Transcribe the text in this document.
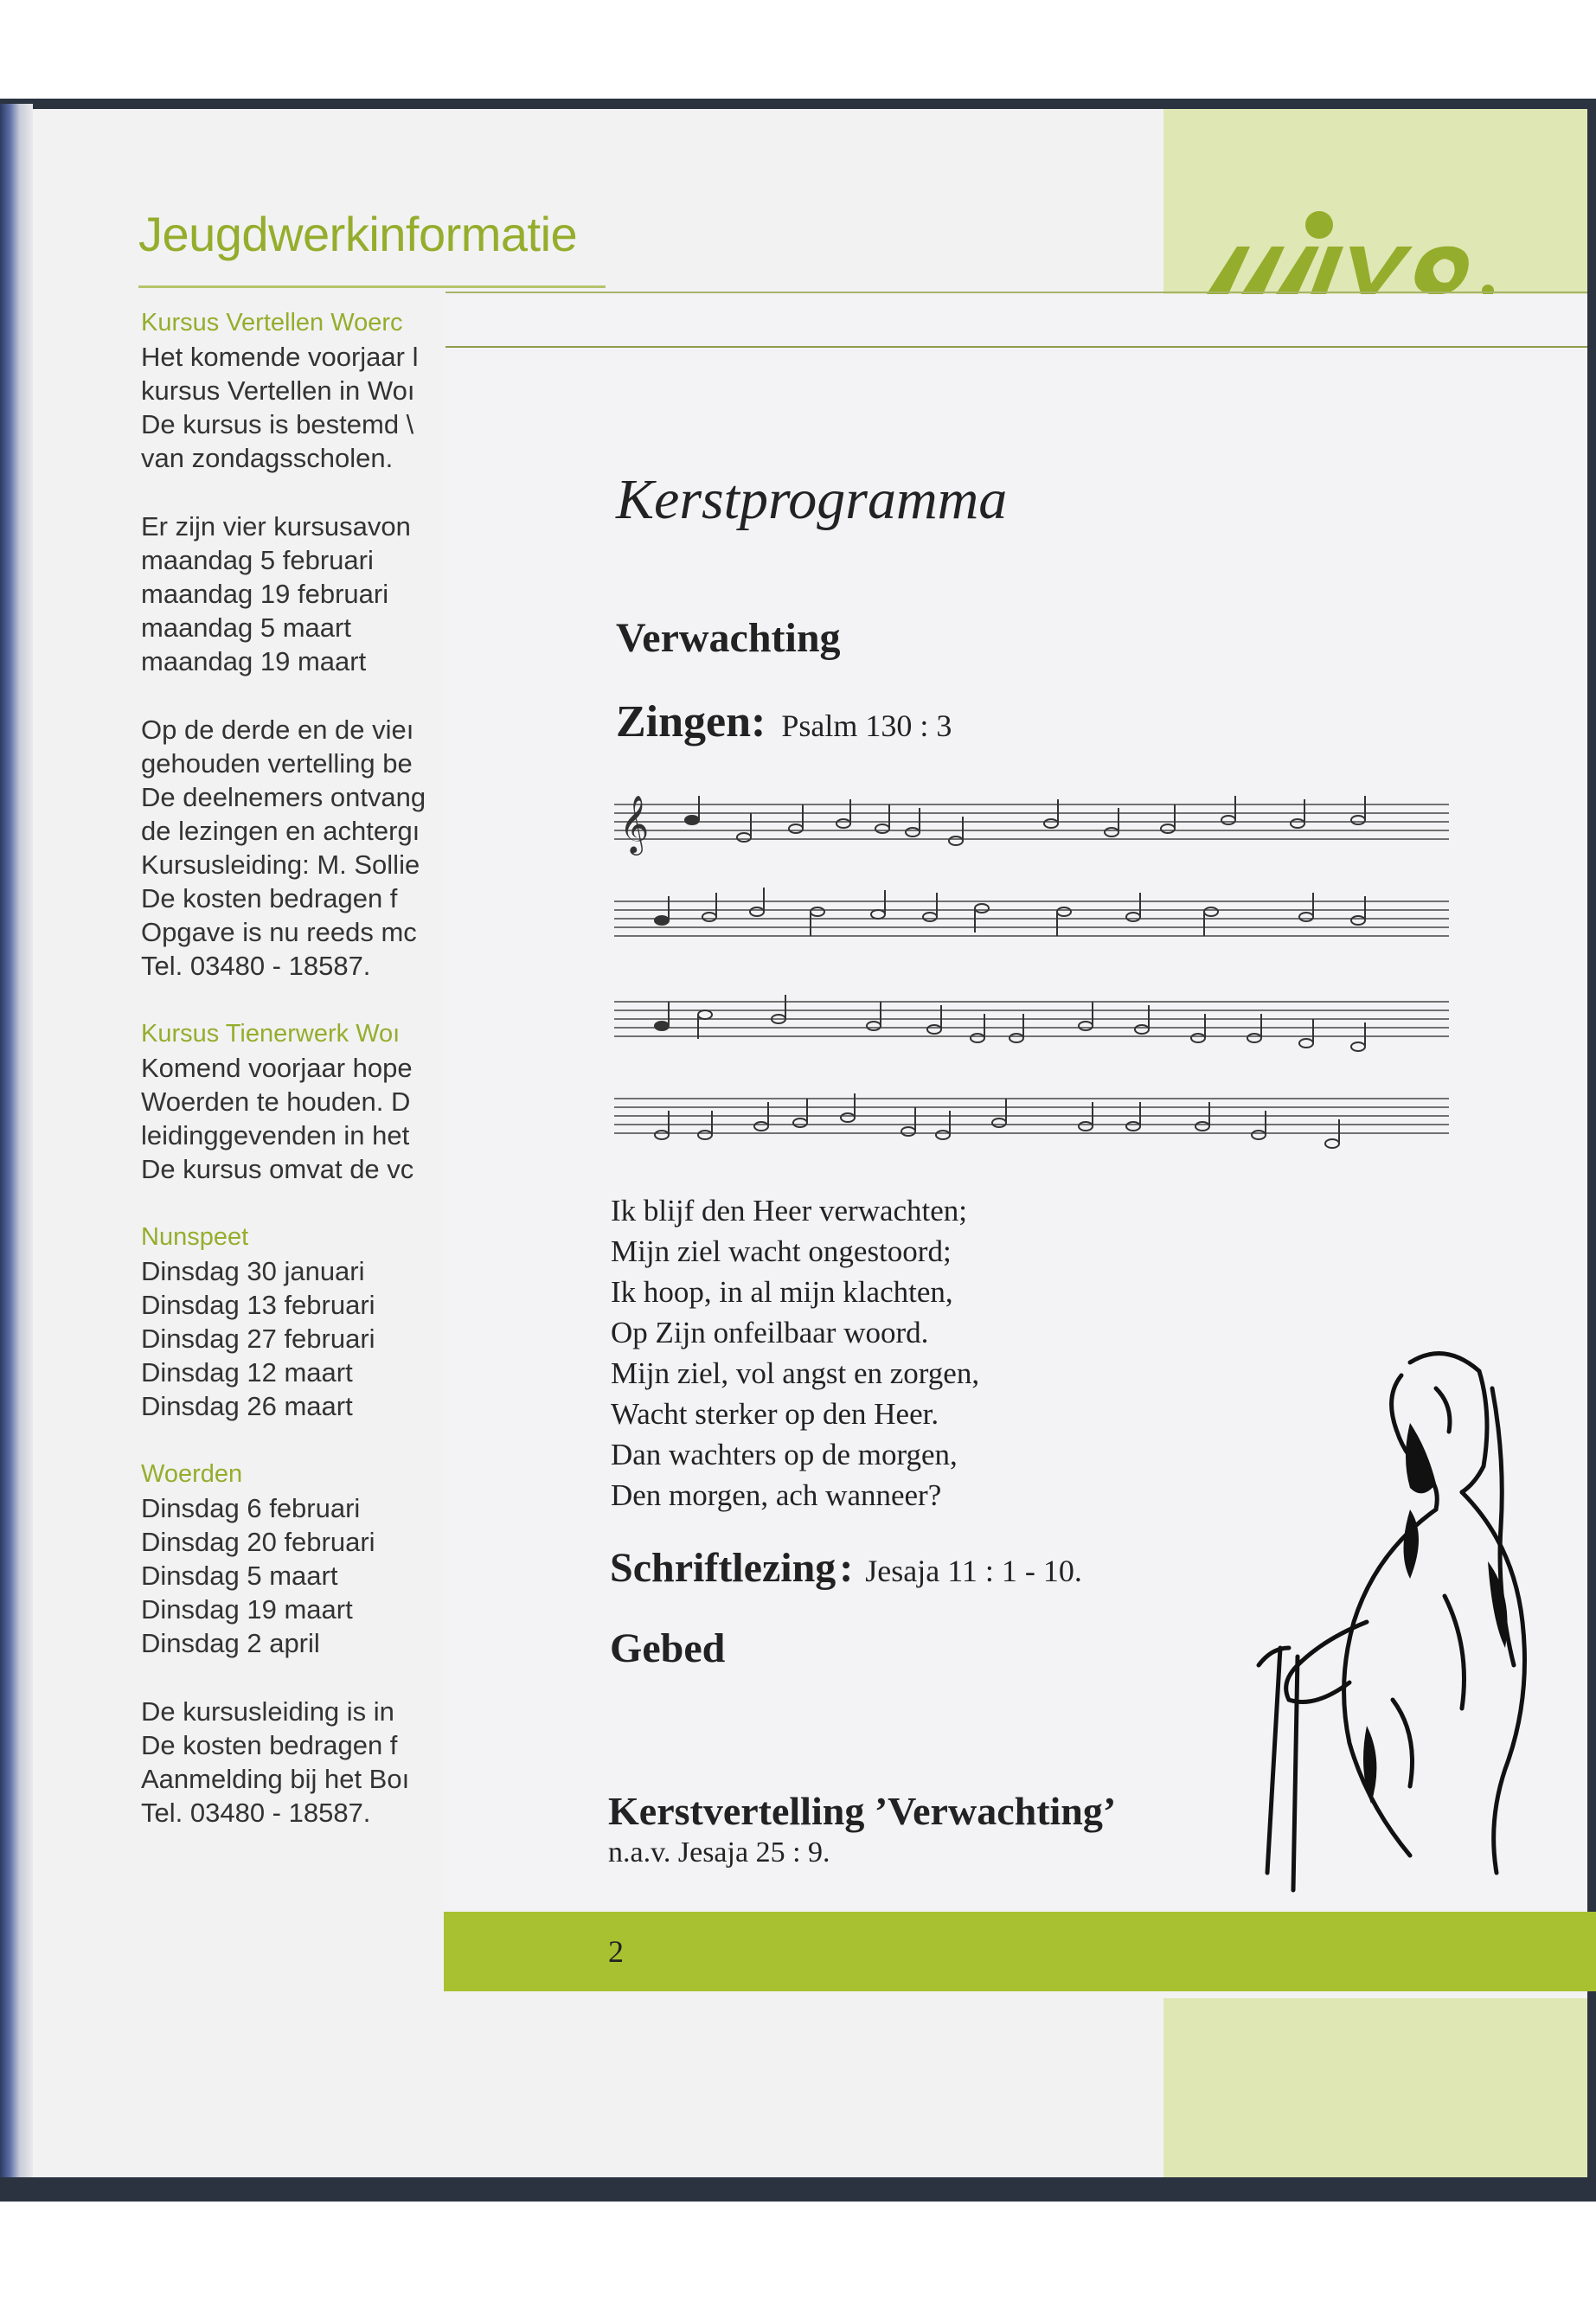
Jeugdwerkinformatie
Kursus Vertellen Woerc
Het komende voorjaar l
kursus Vertellen in Woı
De kursus is bestemd \
van zondagsscholen.
Er zijn vier kursusavon
maandag 5 februari
maandag 19 februari
maandag 5 maart
maandag 19 maart
Op de derde en de vieı
gehouden vertelling be
De deelnemers ontvang
de lezingen en achtergı
Kursusleiding: M. Sollie
De kosten bedragen f
Opgave is nu reeds mc
Tel. 03480 - 18587.
Kursus Tienerwerk Woı
Komend voorjaar hope
Woerden te houden. D
leidinggevenden in het
De kursus omvat de vc
Nunspeet
Dinsdag 30 januari
Dinsdag 13 februari
Dinsdag 27 februari
Dinsdag 12 maart
Dinsdag 26 maart
Woerden
Dinsdag 6 februari
Dinsdag 20 februari
Dinsdag 5 maart
Dinsdag 19 maart
Dinsdag 2 april
De kursusleiding is in
De kosten bedragen f
Aanmelding bij het Boı
Tel. 03480 - 18587.
Kerstprogramma
Verwachting
Zingen: Psalm 130 : 3
𝄞
Ik blijf den Heer verwachten;
Mijn ziel wacht ongestoord;
Ik hoop, in al mijn klachten,
Op Zijn onfeilbaar woord.
Mijn ziel, vol angst en zorgen,
Wacht sterker op den Heer.
Dan wachters op de morgen,
Den morgen, ach wanneer?
Schriftlezing : Jesaja 11 : 1 - 10.
Gebed
Kerstvertelling ’Verwachting’
n.a.v. Jesaja 25 : 9.
2
